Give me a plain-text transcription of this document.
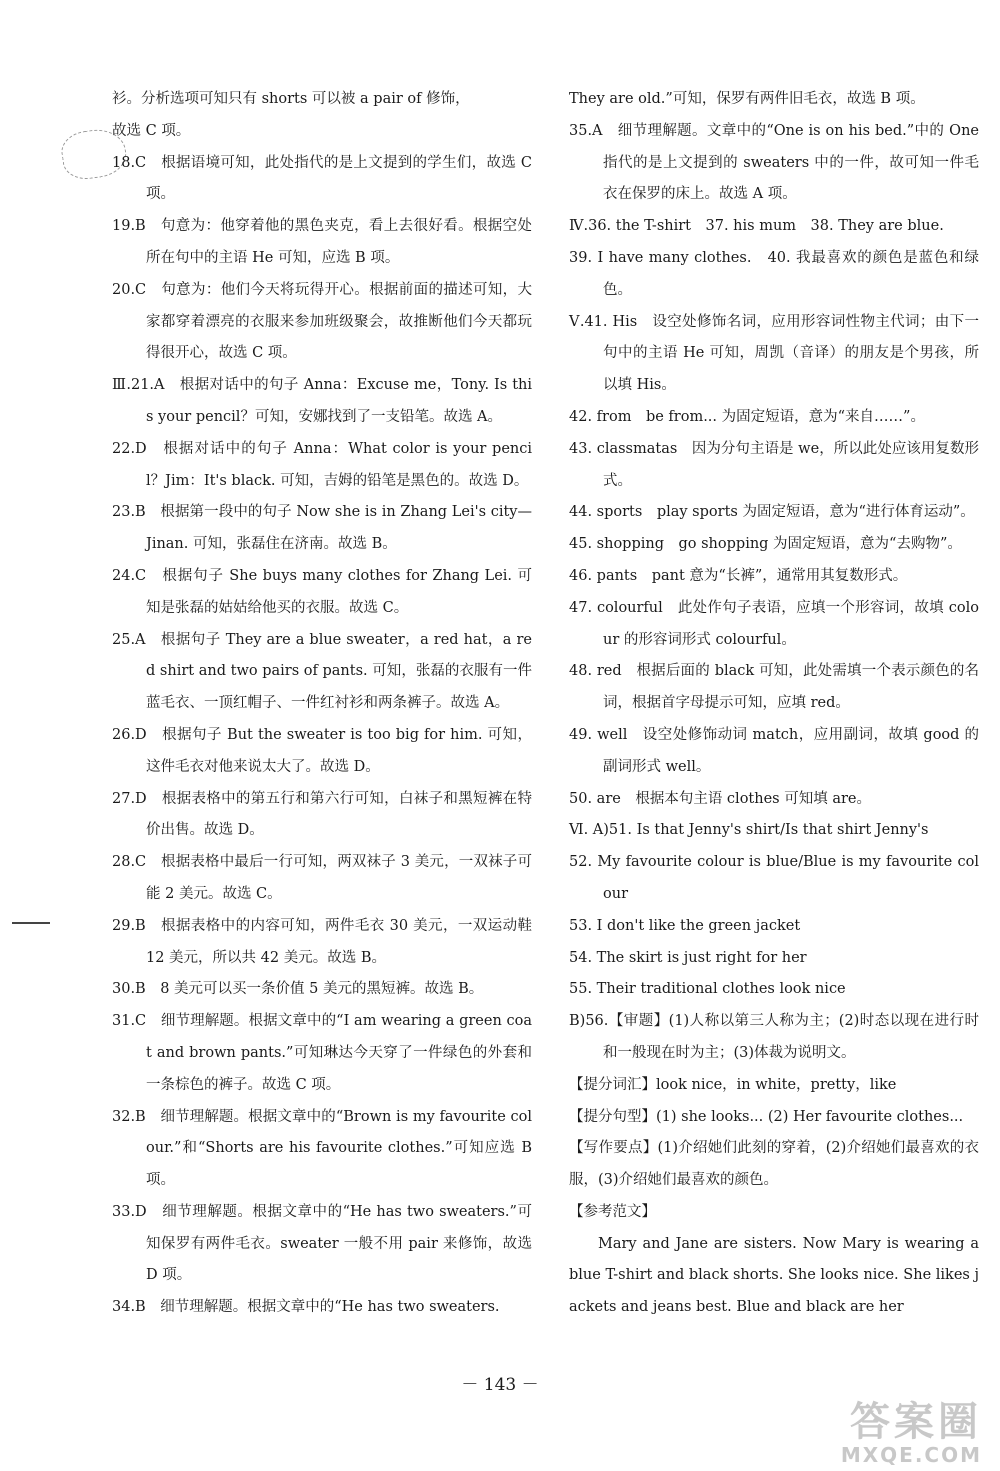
衫。分析选项可知只有 shorts 可以被 a pair of 修饰，

故选 C 项。

18.C　根据语境可知，此处指代的是上文提到的学生们，故选 C 项。

19.B　句意为：他穿着他的黑色夹克，看上去很好看。根据空处所在句中的主语 He 可知，应选 B 项。

20.C　句意为：他们今天将玩得开心。根据前面的描述可知，大家都穿着漂亮的衣服来参加班级聚会，故推断他们今天都玩得很开心，故选 C 项。

Ⅲ.21.A　根据对话中的句子 Anna：Excuse me，Tony. Is this your pencil？可知，安娜找到了一支铅笔。故选 A。

22.D　根据对话中的句子 Anna：What color is your pencil？Jim：It's black. 可知，吉姆的铅笔是黑色的。故选 D。

23.B　根据第一段中的句子 Now she is in Zhang Lei's city—Jinan. 可知，张磊住在济南。故选 B。

24.C　根据句子 She buys many clothes for Zhang Lei. 可知是张磊的姑姑给他买的衣服。故选 C。

25.A　根据句子 They are a blue sweater，a red hat，a red shirt and two pairs of pants. 可知，张磊的衣服有一件蓝毛衣、一顶红帽子、一件红衬衫和两条裤子。故选 A。

26.D　根据句子 But the sweater is too big for him. 可知，这件毛衣对他来说太大了。故选 D。

27.D　根据表格中的第五行和第六行可知，白袜子和黑短裤在特价出售。故选 D。

28.C　根据表格中最后一行可知，两双袜子 3 美元，一双袜子可能 2 美元。故选 C。

29.B　根据表格中的内容可知，两件毛衣 30 美元，一双运动鞋 12 美元，所以共 42 美元。故选 B。

30.B　8 美元可以买一条价值 5 美元的黑短裤。故选 B。

31.C　细节理解题。根据文章中的“I am wearing a green coat and brown pants.”可知琳达今天穿了一件绿色的外套和一条棕色的裤子。故选 C 项。

32.B　细节理解题。根据文章中的“Brown is my favourite colour.”和“Shorts are his favourite clothes.”可知应选 B 项。

33.D　细节理解题。根据文章中的“He has two sweaters.”可知保罗有两件毛衣。sweater 一般不用 pair 来修饰，故选 D 项。

34.B　细节理解题。根据文章中的“He has two sweaters.

They are old.”可知，保罗有两件旧毛衣，故选 B 项。

35.A　细节理解题。文章中的“One is on his bed.”中的 One 指代的是上文提到的 sweaters 中的一件，故可知一件毛衣在保罗的床上。故选 A 项。

Ⅳ.36. the T-shirt　37. his mum　38. They are blue.

39. I have many clothes.　40. 我最喜欢的颜色是蓝色和绿色。

Ⅴ.41. His　设空处修饰名词，应用形容词性物主代词；由下一句中的主语 He 可知，周凯（音译）的朋友是个男孩，所以填 His。

42. from　be from... 为固定短语，意为“来自……”。

43. classmatas　因为分句主语是 we，所以此处应该用复数形式。

44. sports　play sports 为固定短语，意为“进行体育运动”。

45. shopping　go shopping 为固定短语，意为“去购物”。

46. pants　pant 意为“长裤”，通常用其复数形式。

47. colourful　此处作句子表语，应填一个形容词，故填 colour 的形容词形式 colourful。

48. red　根据后面的 black 可知，此处需填一个表示颜色的名词，根据首字母提示可知，应填 red。

49. well　设空处修饰动词 match，应用副词，故填 good 的副词形式 well。

50. are　根据本句主语 clothes 可知填 are。

Ⅵ. A)51. Is that Jenny's shirt/Is that shirt Jenny's

52. My favourite colour is blue/Blue is my favourite colour

53. I don't like the green jacket

54. The skirt is just right for her

55. Their traditional clothes look nice

B)56.【审题】(1)人称以第三人称为主；(2)时态以现在进行时和一般现在时为主；(3)体裁为说明文。

【提分词汇】look nice，in white，pretty，like

【提分句型】(1) she looks... (2) Her favourite clothes...

【写作要点】(1)介绍她们此刻的穿着，(2)介绍她们最喜欢的衣服，(3)介绍她们最喜欢的颜色。

【参考范文】

Mary and Jane are sisters. Now Mary is wearing a blue T-shirt and black shorts. She looks nice. She likes jackets and jeans best. Blue and black are her

－ 143 －
答案圈
MXQE.COM
